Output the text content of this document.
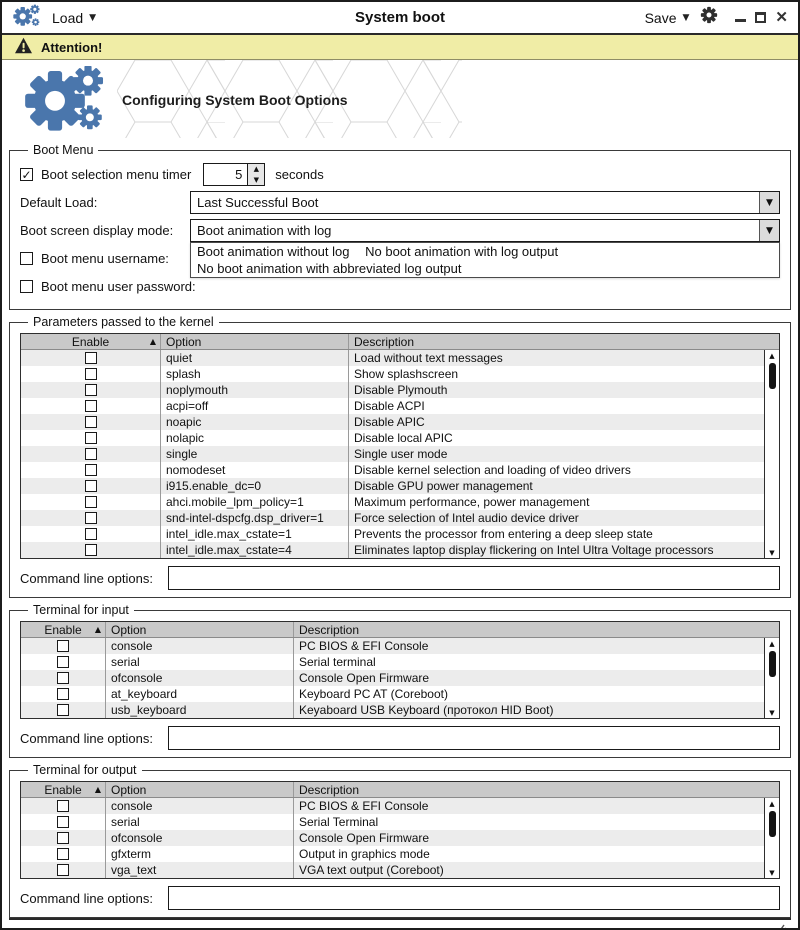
Load ▼	System boot	Save ▼	✕
Attention!
Configuring System Boot Options
Boot Menu
✓ Boot selection menu timer	5	▲
▼	seconds
Default Load:	Last Successful Boot	▼
Boot screen display mode:	Boot animation with log	▼
Boot animation without log No boot animation with log output No boot animation with abbreviated log output
Boot menu username:
Boot menu user password:
Parameters passed to the kernel
Enable	▲ Option	Description
quiet	Load without text messages
splash	Show splashscreen
noplymouth	Disable Plymouth
acpi=off	Disable ACPI
noapic	Disable APIC
nolapic	Disable local APIC
single	Single user mode
nomodeset	Disable kernel selection and loading of video drivers
i915.enable_dc=0	Disable GPU power management
ahci.mobile_lpm_policy=1	Maximum performance, power management
snd-intel-dspcfg.dsp_driver=1	Force selection of Intel audio device driver
intel_idle.max_cstate=1	Prevents the processor from entering a deep sleep state
intel_idle.max_cstate=4	Eliminates laptop display flickering on Intel Ultra Voltage processors
▲
▼
Command line options:
Terminal for input
Enable ▲ Option	Description
console	PC BIOS & EFI Console
serial	Serial terminal
ofconsole	Console Open Firmware
at_keyboard	Keyboard PC AT (Coreboot)
usb_keyboard	Keyaboard USB Keyboard (протокол HID Boot)
▲
▼
Command line options:
Terminal for output
Enable ▲ Option	Description
console	PC BIOS & EFI Console
serial	Serial Terminal
ofconsole	Console Open Firmware
gfxterm	Output in graphics mode
vga_text	VGA text output (Coreboot)
▲
▼
Command line options:
